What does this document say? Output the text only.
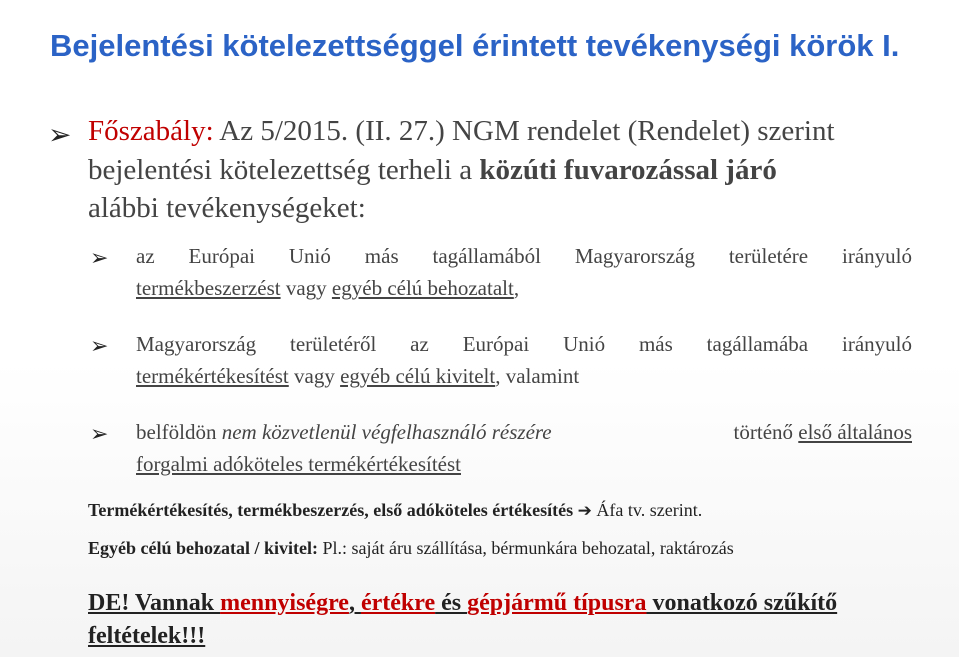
Bejelentési kötelezettséggel érintett tevékenységi körök I.
➢ Főszabály: Az 5/2015. (II. 27.) NGM rendelet (Rendelet) szerint
bejelentési kötelezettség terheli a közúti fuvarozással járó
alábbi tevékenységeket:
➢ az Európai Unió más tagállamából Magyarország területére irányuló
termékbeszerzést vagy egyéb célú behozatalt,
➢ Magyarország területéről az Európai Unió más tagállamába irányuló
termékértékesítést vagy egyéb célú kivitelt, valamint
➢ belföldön nem közvetlenül végfelhasználó részére	történő első általános
forgalmi adóköteles termékértékesítést
Termékértékesítés, termékbeszerzés, első adóköteles értékesítés ➔ Áfa tv. szerint.
Egyéb célú behozatal / kivitel: Pl.: saját áru szállítása, bérmunkára behozatal, raktározás
DE! Vannak mennyiségre, értékre és gépjármű típusra vonatkozó szűkítő
feltételek!!!
